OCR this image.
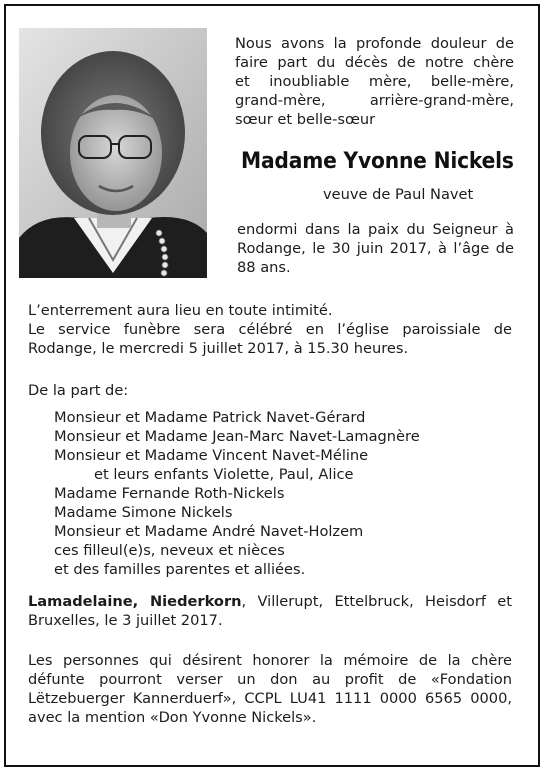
Nous avons la profonde douleur de
faire part du décès de notre chère
et inoubliable mère, belle-mère,
grand-mère, arrière-grand-mère,
sœur et belle-sœur
Madame Yvonne Nickels
veuve de Paul Navet
endormi dans la paix du Seigneur à
Rodange, le 30 juin 2017, à l’âge de
88 ans.
L’enterrement aura lieu en toute intimité.
Le service funèbre sera célébré en l’église paroissiale de
Rodange, le mercredi 5 juillet 2017, à 15.30 heures.
De la part de:
Monsieur et Madame Patrick Navet-Gérard
Monsieur et Madame Jean-Marc Navet-Lamagnère
Monsieur et Madame Vincent Navet-Méline
et leurs enfants Violette, Paul, Alice
Madame Fernande Roth-Nickels
Madame Simone Nickels
Monsieur et Madame André Navet-Holzem
ces filleul(e)s, neveux et nièces
et des familles parentes et alliées.
Lamadelaine, Niederkorn, Villerupt, Ettelbruck, Heisdorf et
Bruxelles, le 3 juillet 2017.
Les personnes qui désirent honorer la mémoire de la chère
défunte pourront verser un don au profit de «Fondation
Lëtzebuerger Kannerduerf», CCPL LU41 1111 0000 6565 0000,
avec la mention «Don Yvonne Nickels».
